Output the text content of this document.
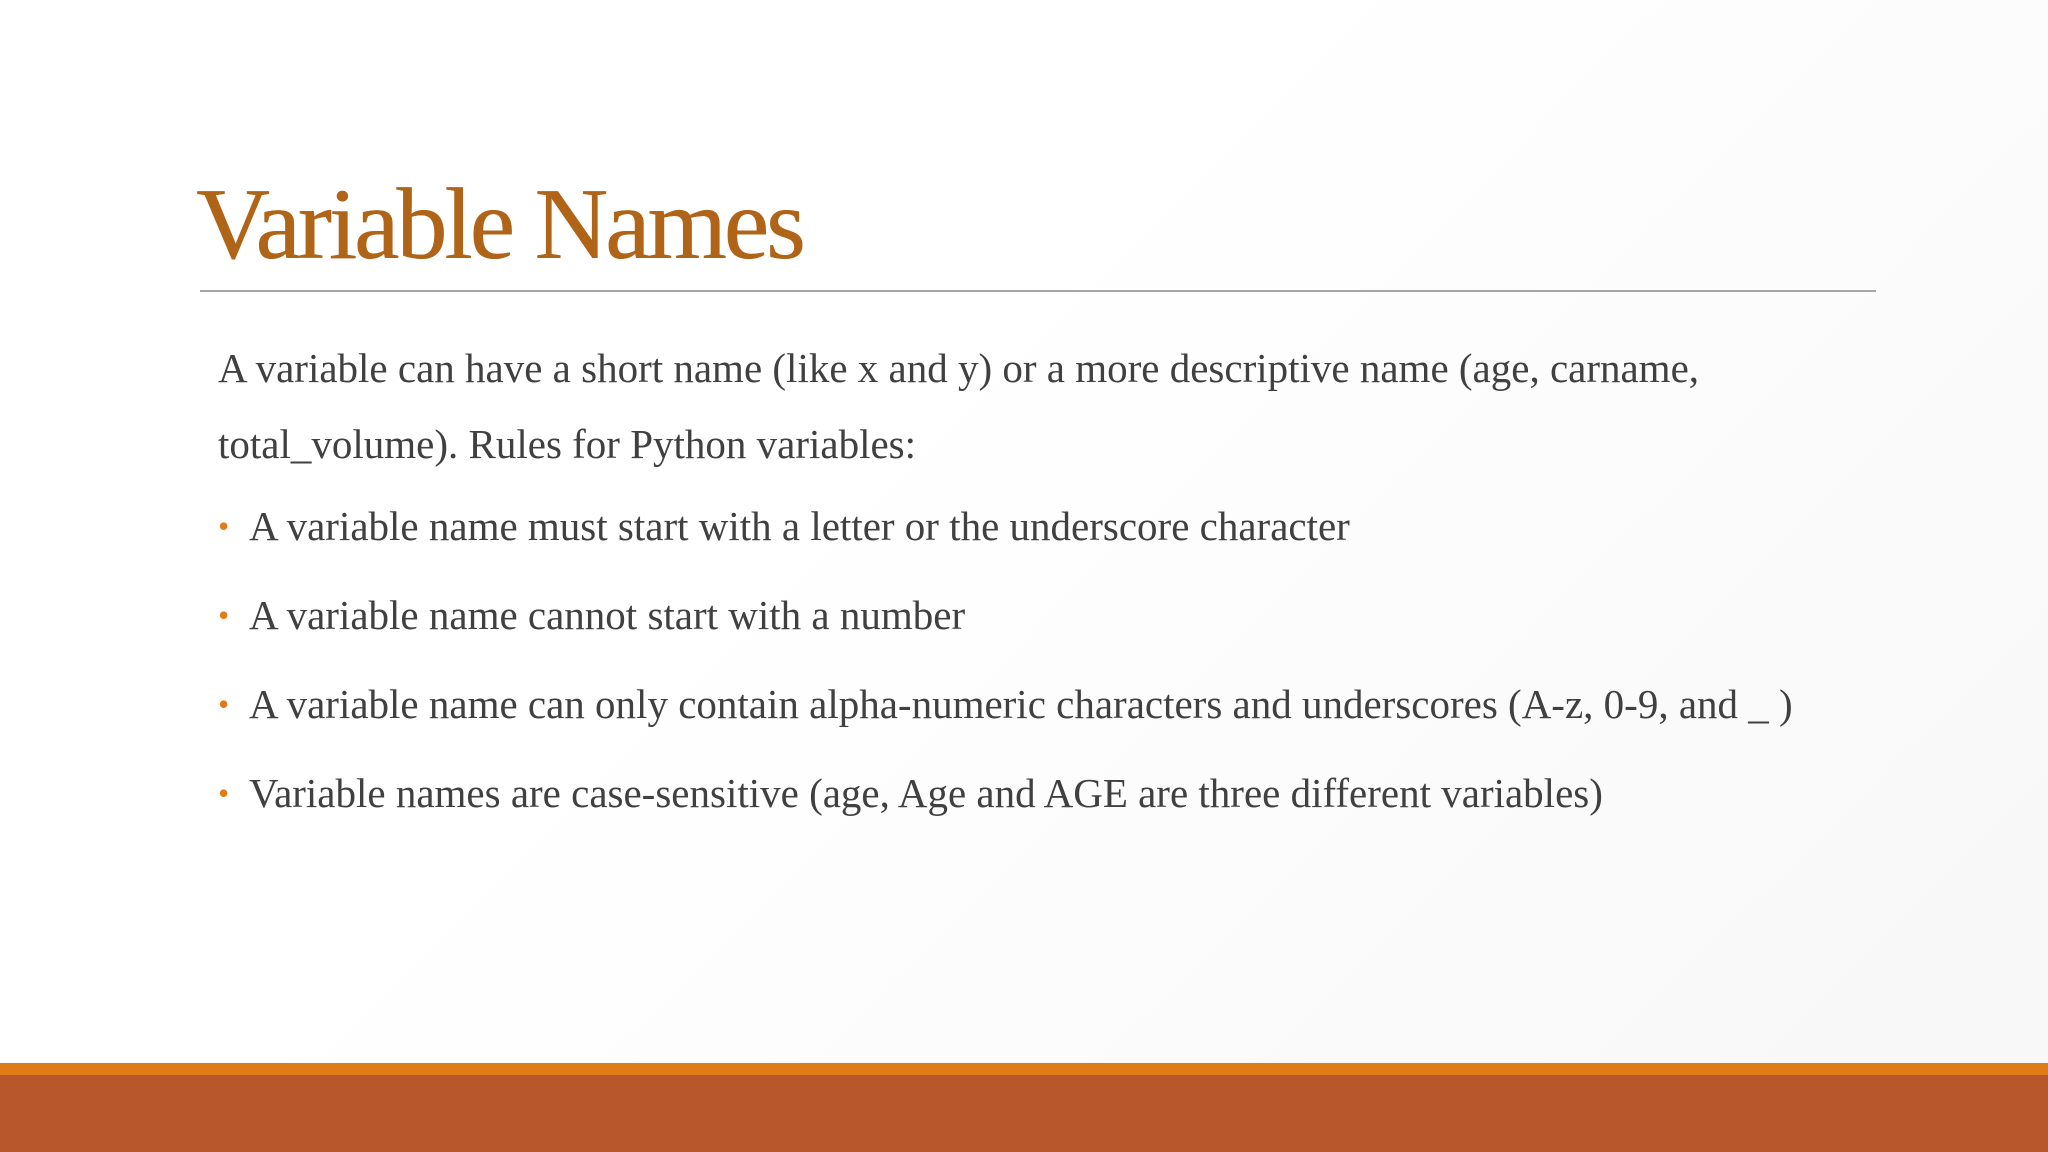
Variable Names

A variable can have a short name (like x and y) or a more descriptive name (age, carname, total_volume). Rules for Python variables:

• A variable name must start with a letter or the underscore character
• A variable name cannot start with a number
• A variable name can only contain alpha-numeric characters and underscores (A-z, 0-9, and _ )
• Variable names are case-sensitive (age, Age and AGE are three different variables)
